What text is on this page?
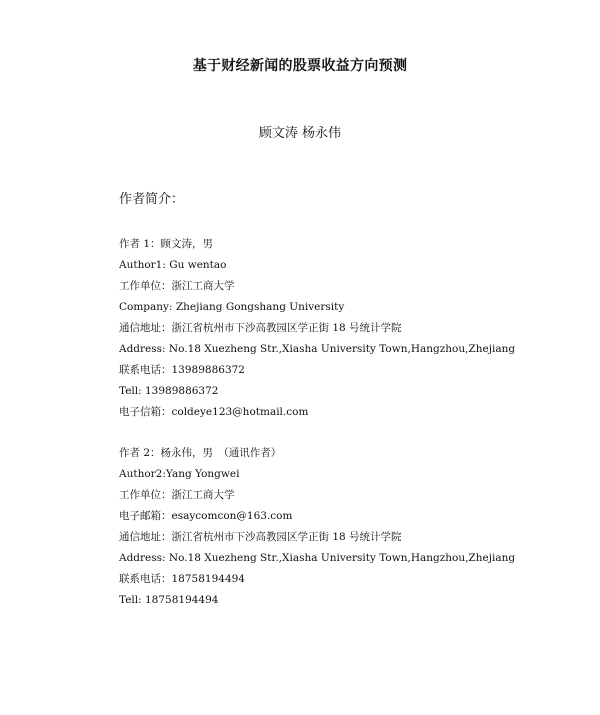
基于财经新闻的股票收益方向预测
顾文涛 杨永伟
作者简介：
作者 1：顾文涛，男
Author1: Gu wentao
工作单位：浙江工商大学
Company: Zhejiang Gongshang University
通信地址：浙江省杭州市下沙高教园区学正街 18 号统计学院
Address: No.18 Xuezheng Str.,Xiasha University Town,Hangzhou,Zhejiang
联系电话：13989886372
Tell: 13989886372
电子信箱：coldeye123@hotmail.com
作者 2：杨永伟，男　（通讯作者）
Author2:Yang Yongwei
工作单位：浙江工商大学
电子邮箱：esaycomcon@163.com
通信地址：浙江省杭州市下沙高教园区学正街 18 号统计学院
Address: No.18 Xuezheng Str.,Xiasha University Town,Hangzhou,Zhejiang
联系电话：18758194494
Tell: 18758194494
